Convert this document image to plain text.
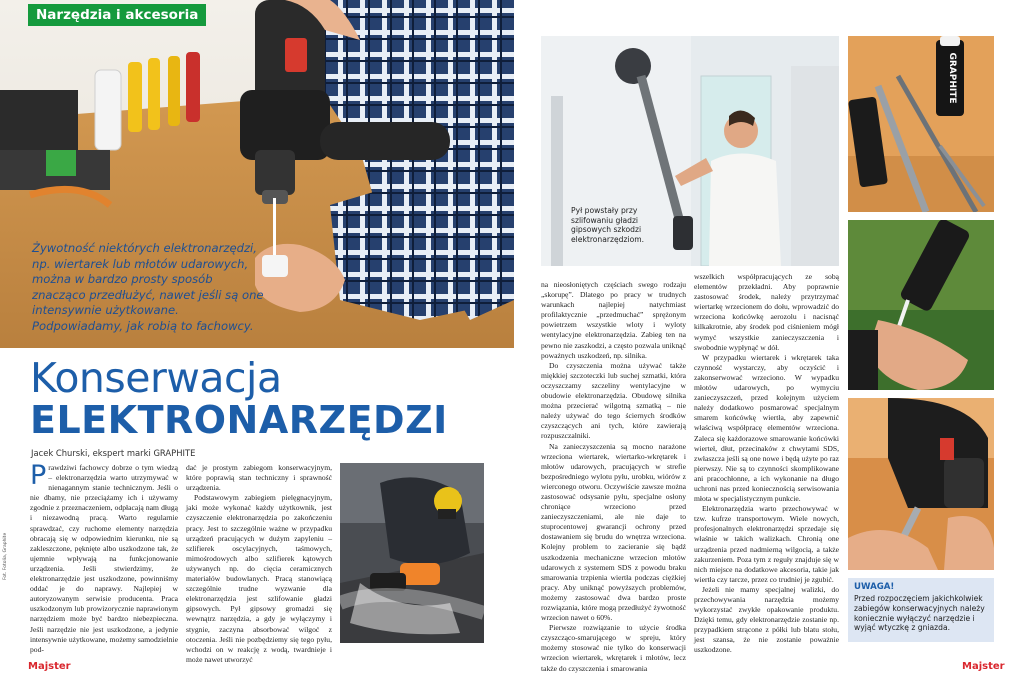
Narzędzia i akcesoria
Żywotność niektórych elektronarzędzi, np. wiertarek lub młotów udarowych, można w bardzo prosty sposób znacząco przedłużyć, nawet jeśli są one intensywnie użytkowane. Podpowiadamy, jak robią to fachowcy.
Konserwacja
ELEKTRONARZĘDZI
Jacek Churski, ekspert marki GRAPHITE
Fot. Fotolia, Graphite

Prawdziwi fachowcy dobrze o tym wiedzą – elektronarzędzia warto utrzymywać w nienagannym stanie technicznym. Jeśli o nie dbamy, nie przeciążamy ich i używamy zgodnie z przeznaczeniem, odpłacają nam długą i niezawodną pracą. Warto regularnie sprawdzać, czy ruchome elementy narzędzia obracają się w odpowiednim kierunku, nie są zakleszczone, pęknięte albo uszkodzone tak, że ujemnie wpływają na funkcjonowanie urządzenia. Jeśli stwierdzimy, że elektronarzędzie jest uszkodzone, powinniśmy oddać je do naprawy. Najlepiej w autoryzowanym serwisie producenta. Praca uszkodzonym lub prowizorycznie naprawionym narzędziem może być bardzo niebezpieczna. Jeśli narzędzie nie jest uszkodzone, a jedynie intensywnie użytkowane, możemy samodzielnie pod-

dać je prostym zabiegom konserwacyjnym, które poprawią stan techniczny i sprawność urządzenia.

Podstawowym zabiegiem pielęgnacyjnym, jaki może wykonać każdy użytkownik, jest czyszczenie elektronarzędzia po zakończeniu pracy. Jest to szczególnie ważne w przypadku urządzeń pracujących w dużym zapyleniu – szlifierek oscylacyjnych, taśmowych, mimośrodowych albo szlifierek kątowych używanych np. do cięcia ceramicznych materiałów budowlanych. Pracą stanowiącą szczególnie trudne wyzwanie dla elektronarzędzia jest szlifowanie gładzi gipsowych. Pył gipsowy gromadzi się wewnątrz narzędzia, a gdy je wyłączymy i stygnie, zaczyna absorbować wilgoć z otoczenia. Jeśli nie pozbędziemy się tego pyłu, wchodzi on w reakcję z wodą, twardnieje i może nawet utworzyć

Pył powstały przy szlifowaniu gładzi gipsowych szkodzi elektronarzędziom.

na nieosłoniętych częściach swego rodzaju „skorupę”. Dlatego po pracy w trudnych warunkach najlepiej natychmiast profilaktycznie „przedmuchać” sprężonym powietrzem wszystkie wloty i wyloty wentylacyjne elektronarzędzia. Zabieg ten na pewno nie zaszkodzi, a często pozwala uniknąć poważnych uszkodzeń, np. silnika.

Do czyszczenia można używać także miękkiej szczoteczki lub suchej szmatki, która oczyszczamy szczeliny wentylacyjne w obudowie elektronarzędzia. Obudowę silnika można przecierać wilgotną szmatką – nie należy używać do tego ściernych środków czyszczących ani tych, które zawierają rozpuszczalniki.

Na zanieczyszczenia są mocno narażone wrzeciona wiertarek, wiertarko-wkrętarek i młotów udarowych, pracujących w strefie bezpośredniego wylotu pyłu, urobku, wiórów z wierconego otworu. Oczywiście zawsze można zastosować odsysanie pyłu, specjalne osłony chroniące wrzeciono przed zanieczyszczeniami, ale nie daje to stuprocentowej gwarancji ochrony przed dostawaniem się brudu do wnętrza wrzeciona. Kolejny problem to zacieranie się bądź uszkodzenia mechaniczne wrzecion młotów udarowych z systemem SDS z powodu braku smarowania trzpienia wiertła podczas ciężkiej pracy. Aby uniknąć powyższych problemów, możemy zastosować dwa bardzo proste rozwiązania, które mogą przedłużyć żywotność wrzecion nawet o 60%.

Pierwsze rozwiązanie to użycie środka czyszcząco-smarującego w spreju, który możemy stosować nie tylko do konserwacji wrzecion wiertarek, wkrętarek i młotów, lecz także do czyszczenia i smarowania

wszelkich współpracujących ze sobą elementów przekładni. Aby poprawnie zastosować środek, należy przytrzymać wiertarkę wrzecionem do dołu, wprowadzić do wrzeciona końcówkę aerozolu i nacisnąć kilkakrotnie, aby środek pod ciśnieniem mógł wymyć wszystkie zanieczyszczenia i swobodnie wypłynąć w dół.

W przypadku wiertarek i wkrętarek taka czynność wystarczy, aby oczyścić i zakonserwować wrzeciono. W wypadku młotów udarowych, po wymyciu zanieczyszczeń, przed kolejnym użyciem należy dodatkowo posmarować specjalnym smarem końcówkę wiertła, aby zapewnić właściwą współpracę elementów wrzeciona. Zaleca się każdorazowe smarowanie końcówki wierteł, dłut, przecinaków z chwytami SDS, zwłaszcza jeśli są one nowe i będą użyte po raz pierwszy. Nie są to czynności skomplikowane ani pracochłonne, a ich wykonanie na długo uchroni nas przed koniecznością serwisowania młota w specjalistycznym punkcie.

Elektronarzędzia warto przechowywać w tzw. kufrze transportowym. Wiele nowych, profesjonalnych elektronarzędzi sprzedaje się właśnie w takich walizkach. Chronią one urządzenia przed nadmierną wilgocią, a także zakurzeniem. Poza tym z reguły znajduje się w nich miejsce na dodatkowe akcesoria, takie jak wiertła czy tarcze, przez co trudniej je zgubić.

Jeżeli nie mamy specjalnej walizki, do przechowywania narzędzia możemy wykorzystać zwykłe opakowanie produktu. Dzięki temu, gdy elektronarzędzie zostanie np. przypadkiem strącone z półki lub blatu stołu, jest szansa, że nie zostanie poważnie uszkodzone.

GRAPHITE
UWAGA!
Przed rozpoczęciem jakichkolwiek zabiegów konserwacyjnych należy koniecznie wyłączyć narzędzie i wyjąć wtyczkę z gniazda.
Majster	Majster
